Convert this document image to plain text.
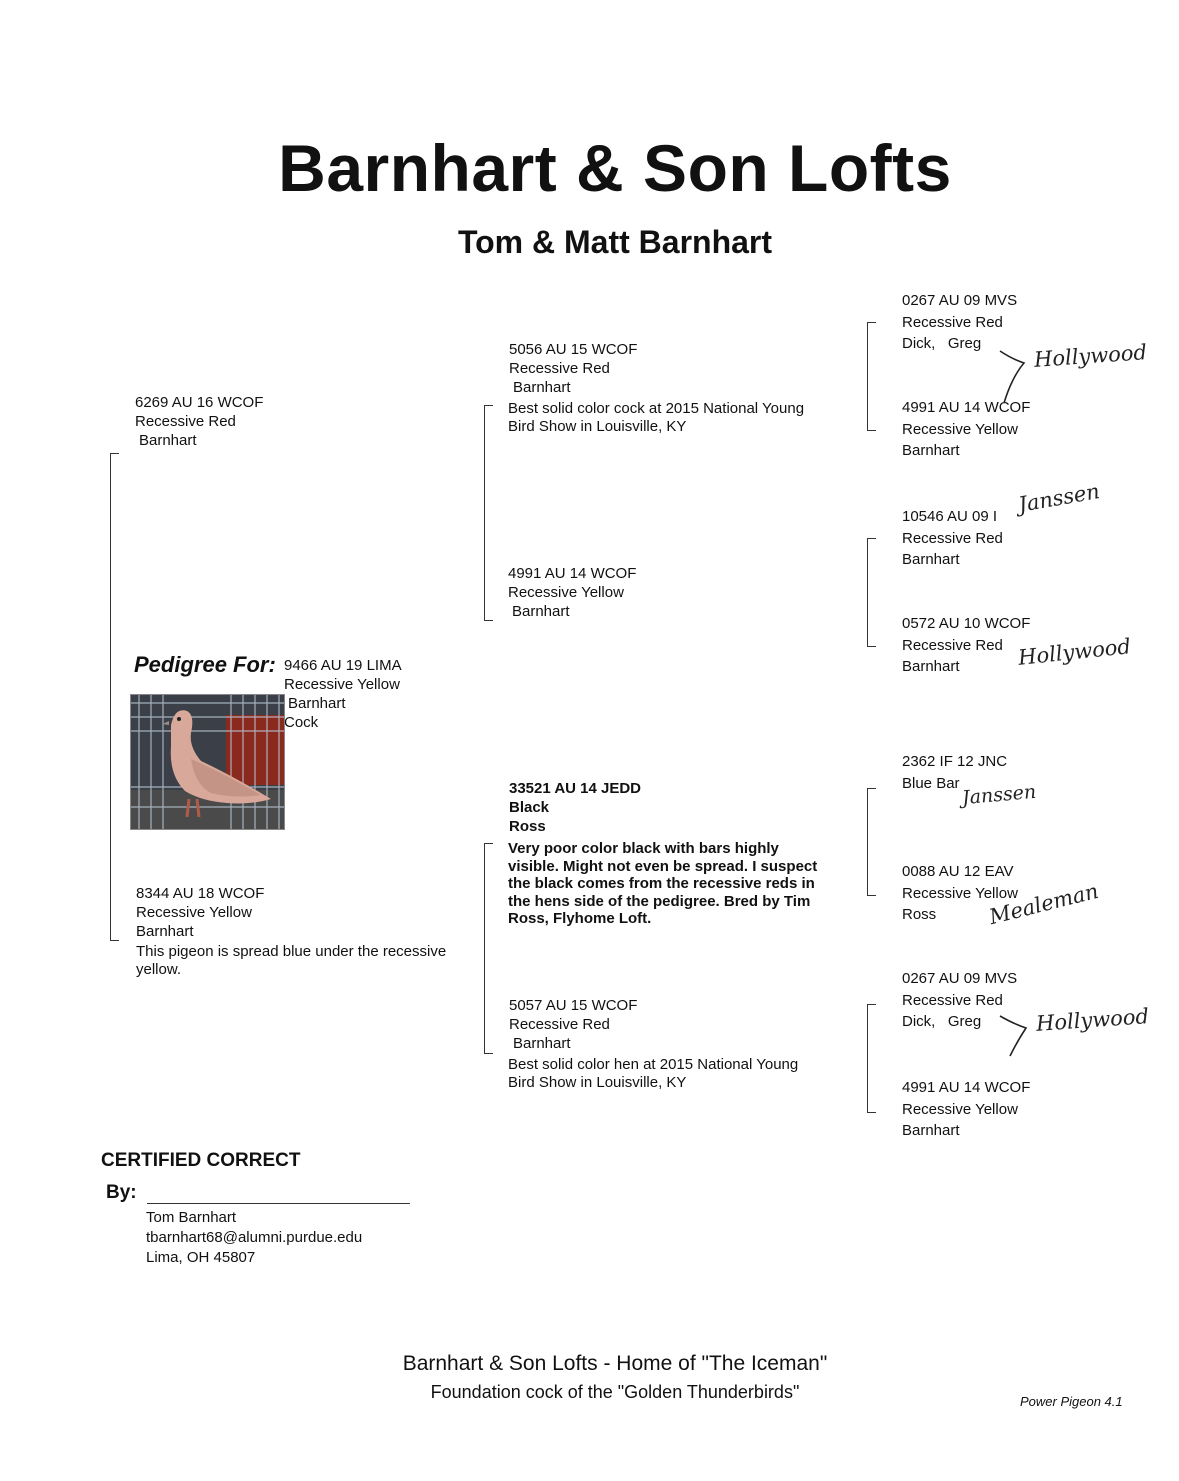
Barnhart & Son Lofts
Tom & Matt Barnhart
Pedigree For: 9466 AU 19 LIMA
Recessive Yellow
Barnhart
Cock
6269 AU 16 WCOF
Recessive Red
Barnhart
8344 AU 18 WCOF
Recessive Yellow
Barnhart
This pigeon is spread blue under the recessive yellow.
5056 AU 15 WCOF
Recessive Red
Barnhart
Best solid color cock at 2015 National Young Bird Show in Louisville, KY
4991 AU 14 WCOF
Recessive Yellow
Barnhart
33521 AU 14 JEDD
Black
Ross
Very poor color black with bars highly visible. Might not even be spread. I suspect the black comes from the recessive reds in the hens side of the pedigree. Bred by Tim Ross, Flyhome Loft.
5057 AU 15 WCOF
Recessive Red
Barnhart
Best solid color hen at 2015 National Young Bird Show in Louisville, KY
0267 AU 09 MVS
Recessive Red
Dick,   Greg
4991 AU 14 WCOF
Recessive Yellow
Barnhart
10546 AU 09 I
Recessive Red
Barnhart
0572 AU 10 WCOF
Recessive Red
Barnhart
2362 IF 12 JNC
Blue Bar
0088 AU 12 EAV
Recessive Yellow
Ross
0267 AU 09 MVS
Recessive Red
Dick,   Greg
4991 AU 14 WCOF
Recessive Yellow
Barnhart
Hollywood
Janssen
Hollywood
Janssen
Mealeman
Hollywood
CERTIFIED CORRECT
By:
Tom Barnhart
tbarnhart68@alumni.purdue.edu
Lima, OH 45807
Barnhart & Son Lofts - Home of "The Iceman"
Foundation cock of the "Golden Thunderbirds"	Power Pigeon 4.1
